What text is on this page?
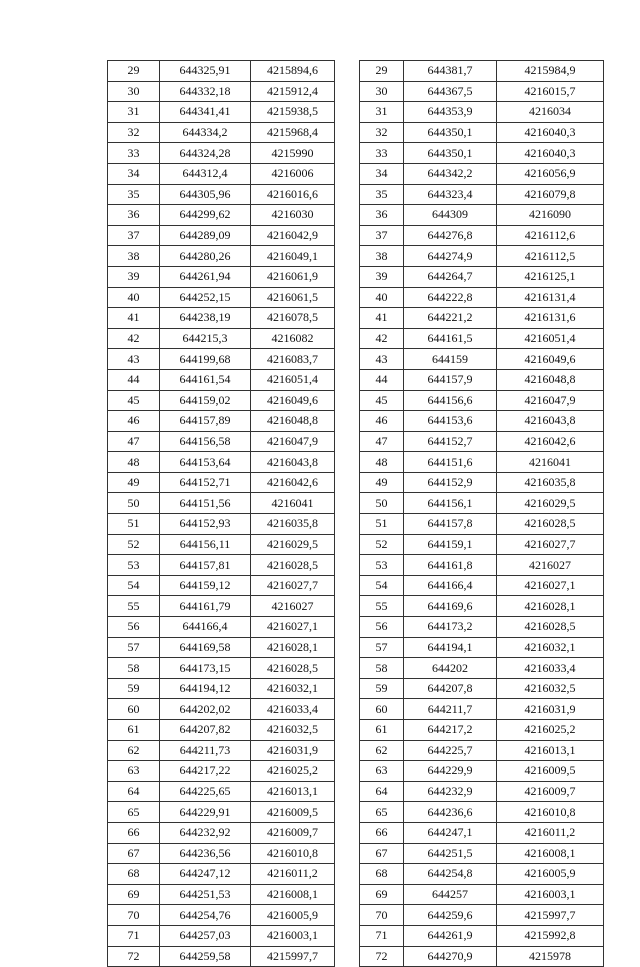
29	644325,91	4215894,6		29	644381,7	4215984,9
30	644332,18	4215912,4		30	644367,5	4216015,7
31	644341,41	4215938,5		31	644353,9	4216034
32	644334,2	4215968,4		32	644350,1	4216040,3
33	644324,28	4215990		33	644350,1	4216040,3
34	644312,4	4216006		34	644342,2	4216056,9
35	644305,96	4216016,6		35	644323,4	4216079,8
36	644299,62	4216030		36	644309	4216090
37	644289,09	4216042,9		37	644276,8	4216112,6
38	644280,26	4216049,1		38	644274,9	4216112,5
39	644261,94	4216061,9		39	644264,7	4216125,1
40	644252,15	4216061,5		40	644222,8	4216131,4
41	644238,19	4216078,5		41	644221,2	4216131,6
42	644215,3	4216082		42	644161,5	4216051,4
43	644199,68	4216083,7		43	644159	4216049,6
44	644161,54	4216051,4		44	644157,9	4216048,8
45	644159,02	4216049,6		45	644156,6	4216047,9
46	644157,89	4216048,8		46	644153,6	4216043,8
47	644156,58	4216047,9		47	644152,7	4216042,6
48	644153,64	4216043,8		48	644151,6	4216041
49	644152,71	4216042,6		49	644152,9	4216035,8
50	644151,56	4216041		50	644156,1	4216029,5
51	644152,93	4216035,8		51	644157,8	4216028,5
52	644156,11	4216029,5		52	644159,1	4216027,7
53	644157,81	4216028,5		53	644161,8	4216027
54	644159,12	4216027,7		54	644166,4	4216027,1
55	644161,79	4216027		55	644169,6	4216028,1
56	644166,4	4216027,1		56	644173,2	4216028,5
57	644169,58	4216028,1		57	644194,1	4216032,1
58	644173,15	4216028,5		58	644202	4216033,4
59	644194,12	4216032,1		59	644207,8	4216032,5
60	644202,02	4216033,4		60	644211,7	4216031,9
61	644207,82	4216032,5		61	644217,2	4216025,2
62	644211,73	4216031,9		62	644225,7	4216013,1
63	644217,22	4216025,2		63	644229,9	4216009,5
64	644225,65	4216013,1		64	644232,9	4216009,7
65	644229,91	4216009,5		65	644236,6	4216010,8
66	644232,92	4216009,7		66	644247,1	4216011,2
67	644236,56	4216010,8		67	644251,5	4216008,1
68	644247,12	4216011,2		68	644254,8	4216005,9
69	644251,53	4216008,1		69	644257	4216003,1
70	644254,76	4216005,9		70	644259,6	4215997,7
71	644257,03	4216003,1		71	644261,9	4215992,8
72	644259,58	4215997,7		72	644270,9	4215978
